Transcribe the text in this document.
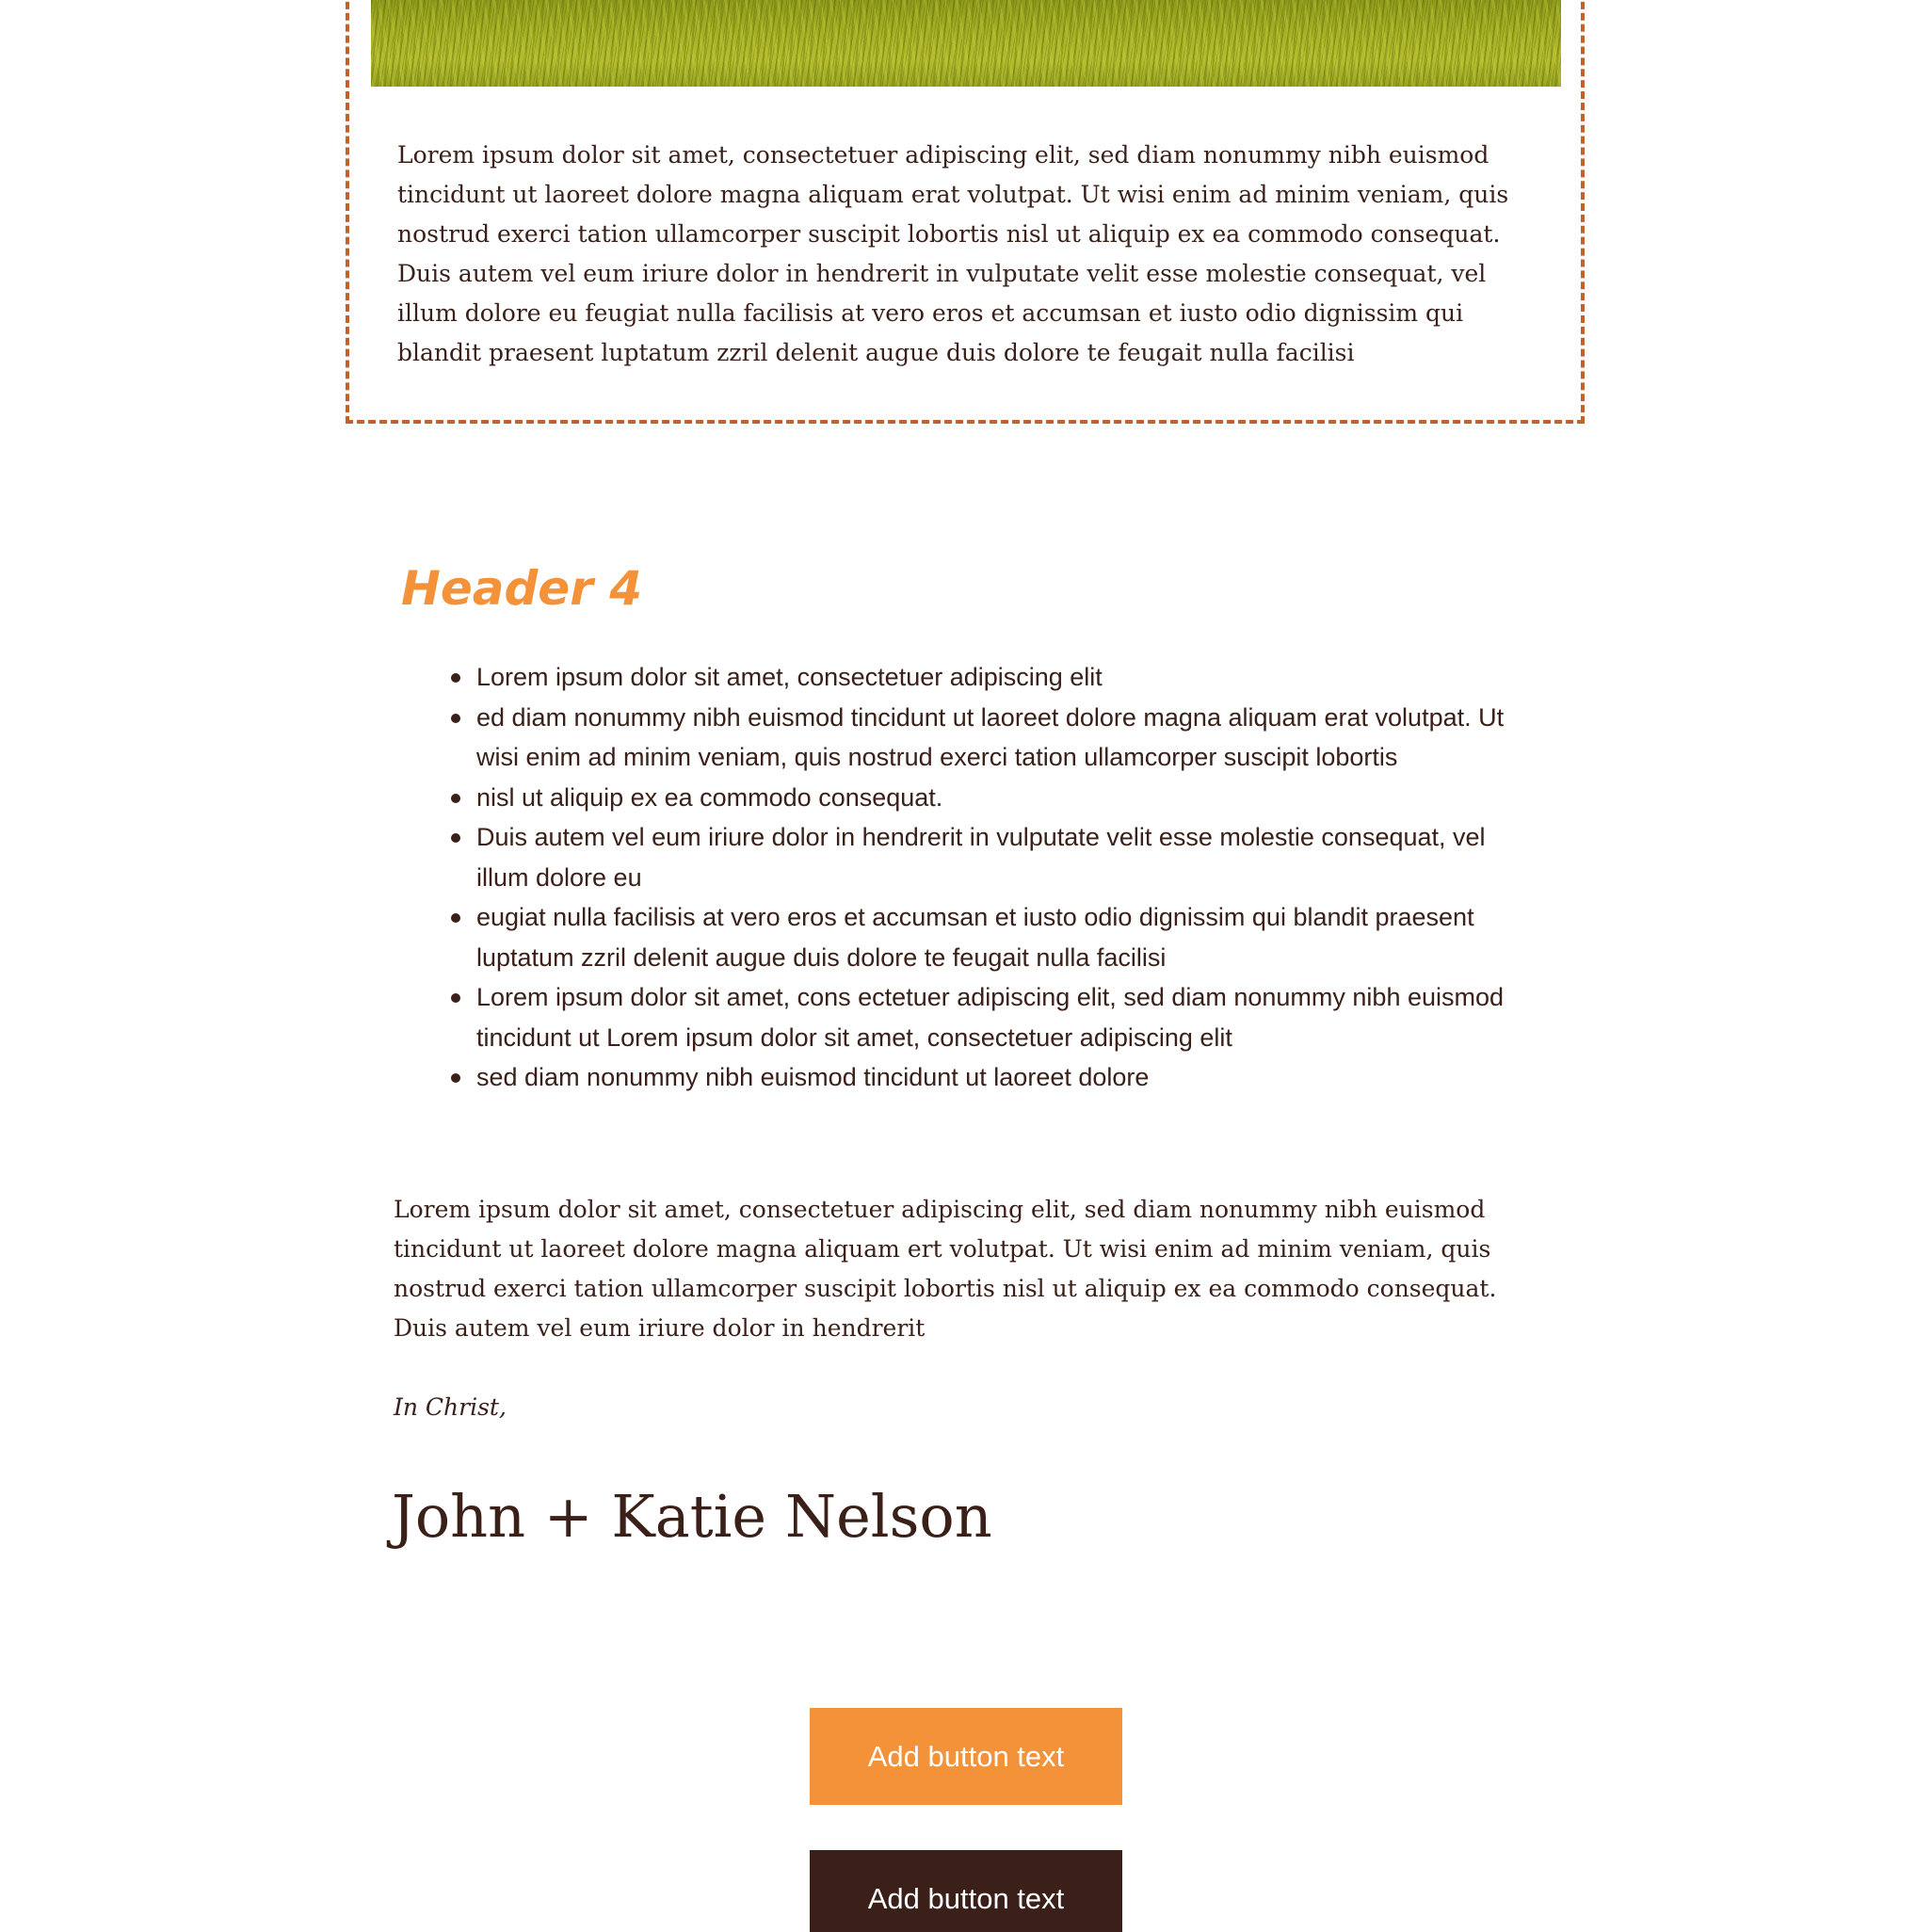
Lorem ipsum dolor sit amet, consectetuer adipiscing elit, sed diam nonummy nibh euismod tincidunt ut laoreet dolore magna aliquam erat volutpat. Ut wisi enim ad minim veniam, quis nostrud exerci tation ullamcorper suscipit lobortis nisl ut aliquip ex ea commodo consequat. Duis autem vel eum iriure dolor in hendrerit in vulputate velit esse molestie consequat, vel illum dolore eu feugiat nulla facilisis at vero eros et accumsan et iusto odio dignissim qui blandit praesent luptatum zzril delenit augue duis dolore te feugait nulla facilisi

Header 4
Lorem ipsum dolor sit amet, consectetuer adipiscing elit
ed diam nonummy nibh euismod tincidunt ut laoreet dolore magna aliquam erat volutpat. Ut wisi enim ad minim veniam, quis nostrud exerci tation ullamcorper suscipit lobortis
nisl ut aliquip ex ea commodo consequat.
Duis autem vel eum iriure dolor in hendrerit in vulputate velit esse molestie consequat, vel illum dolore eu
eugiat nulla facilisis at vero eros et accumsan et iusto odio dignissim qui blandit praesent luptatum zzril delenit augue duis dolore te feugait nulla facilisi
Lorem ipsum dolor sit amet, cons ectetuer adipiscing elit, sed diam nonummy nibh euismod tincidunt ut Lorem ipsum dolor sit amet, consectetuer adipiscing elit
sed diam nonummy nibh euismod tincidunt ut laoreet dolore

Lorem ipsum dolor sit amet, consectetuer adipiscing elit, sed diam nonummy nibh euismod tincidunt ut laoreet dolore magna aliquam ert volutpat. Ut wisi enim ad minim veniam, quis nostrud exerci tation ullamcorper suscipit lobortis nisl ut aliquip ex ea commodo consequat. Duis autem vel eum iriure dolor in hendrerit

In Christ,

John + Katie Nelson

Add button text
Add button text
